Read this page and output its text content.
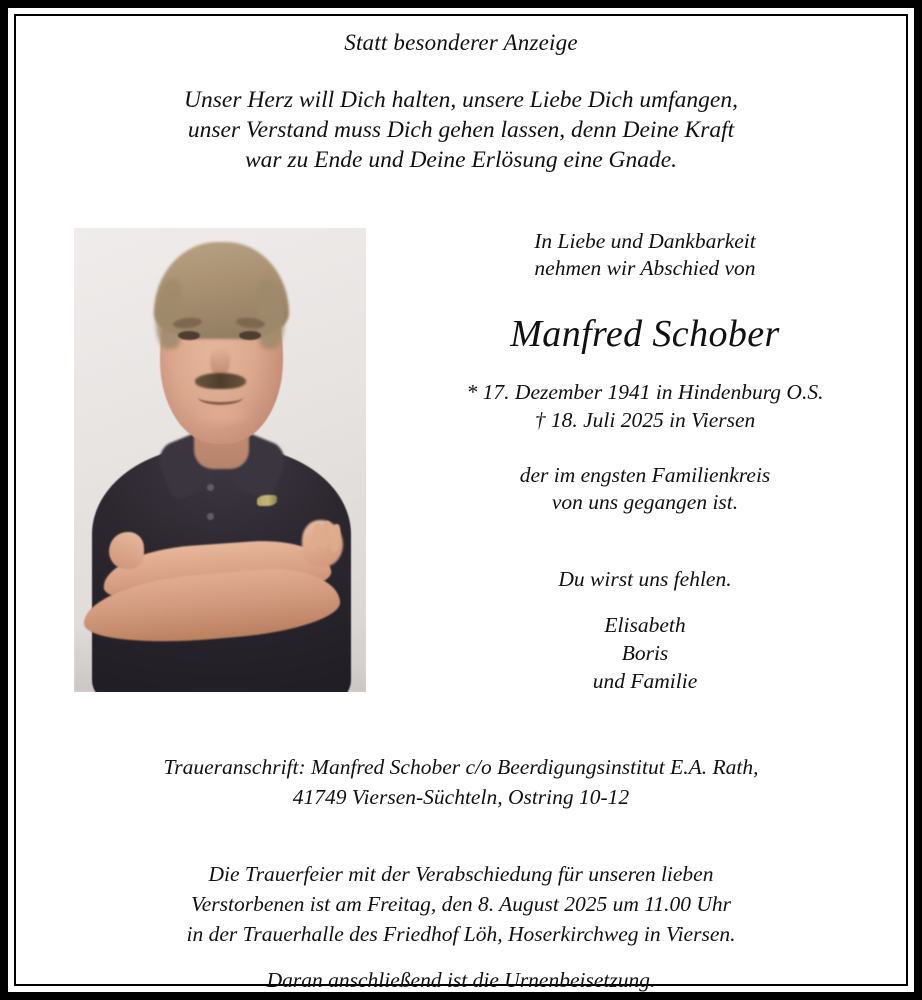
Statt besonderer Anzeige
Unser Herz will Dich halten, unsere Liebe Dich umfangen,
unser Verstand muss Dich gehen lassen, denn Deine Kraft
war zu Ende und Deine Erlösung eine Gnade.
In Liebe und Dankbarkeit
nehmen wir Abschied von
Manfred Schober
* 17. Dezember 1941 in Hindenburg O.S.
† 18. Juli 2025 in Viersen
der im engsten Familienkreis
von uns gegangen ist.
Du wirst uns fehlen.
Elisabeth
Boris
und Familie
Traueranschrift: Manfred Schober c/o Beerdigungsinstitut E.A. Rath,
41749 Viersen-Süchteln, Ostring 10-12
Die Trauerfeier mit der Verabschiedung für unseren lieben
Verstorbenen ist am Freitag, den 8. August 2025 um 11.00 Uhr
in der Trauerhalle des Friedhof Löh, Hoserkirchweg in Viersen.
Daran anschließend ist die Urnenbeisetzung.
